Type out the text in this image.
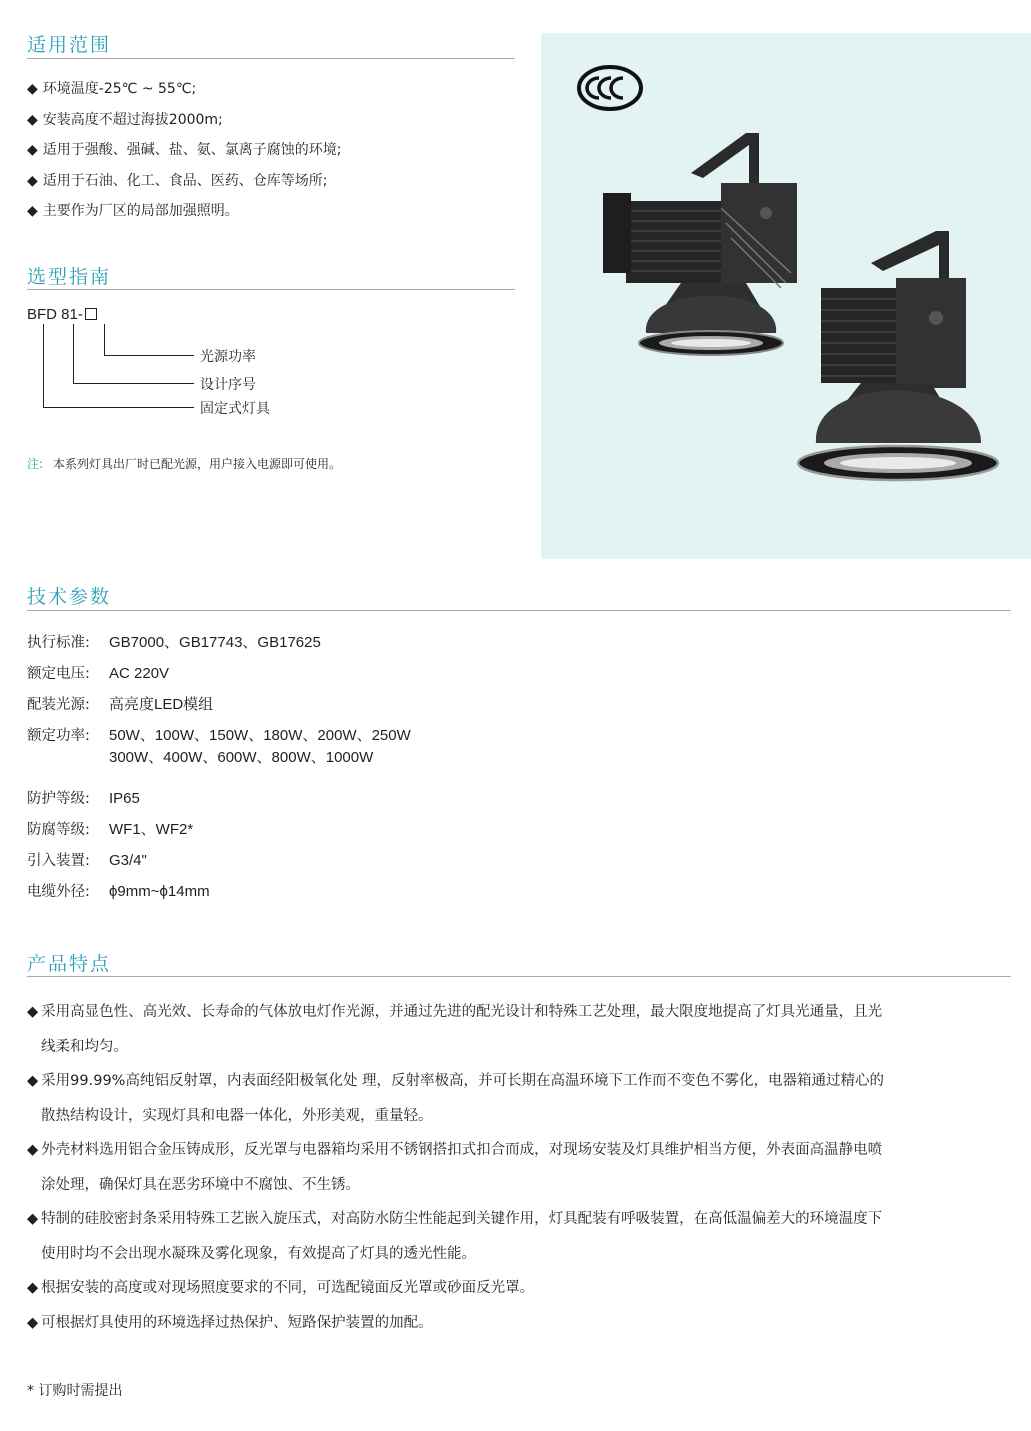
适用范围
◆ 环境温度-25℃ ~ 55℃;
◆ 安装高度不超过海拔2000m;
◆ 适用于强酸、强碱、盐、氨、氯离子腐蚀的环境;
◆ 适用于石油、化工、食品、医药、仓库等场所;
◆ 主要作为厂区的局部加强照明。
选型指南
BFD 81-
光源功率
设计序号
固定式灯具
注: 本系列灯具出厂时已配光源，用户接入电源即可使用。
技术参数
执行标准: GB7000、GB17743、GB17625
额定电压: AC 220V
配装光源: 高亮度LED模组
额定功率: 50W、100W、150W、180W、200W、250W
300W、400W、600W、800W、1000W
防护等级: IP65
防腐等级: WF1、WF2*
引入装置: G3/4"
电缆外径: ϕ9mm~ϕ14mm
产品特点
◆ 采用高显色性、高光效、长寿命的气体放电灯作光源，并通过先进的配光设计和特殊工艺处理，最大限度地提高了灯具光通量，且光
线柔和均匀。
◆ 采用99.99%高纯铝反射罩，内表面经阳极氧化处 理，反射率极高，并可长期在高温环境下工作而不变色不雾化，电器箱通过精心的
散热结构设计，实现灯具和电器一体化，外形美观，重量轻。
◆ 外壳材料选用铝合金压铸成形，反光罩与电器箱均采用不锈钢搭扣式扣合而成，对现场安装及灯具维护相当方便，外表面高温静电喷
涂处理，确保灯具在恶劣环境中不腐蚀、不生锈。
◆ 特制的硅胶密封条采用特殊工艺嵌入旋压式，对高防水防尘性能起到关键作用，灯具配装有呼吸装置，在高低温偏差大的环境温度下
使用时均不会出现水凝珠及雾化现象，有效提高了灯具的透光性能。
◆ 根据安装的高度或对现场照度要求的不同，可选配镜面反光罩或砂面反光罩。
◆ 可根据灯具使用的环境选择过热保护、短路保护装置的加配。
* 订购时需提出
